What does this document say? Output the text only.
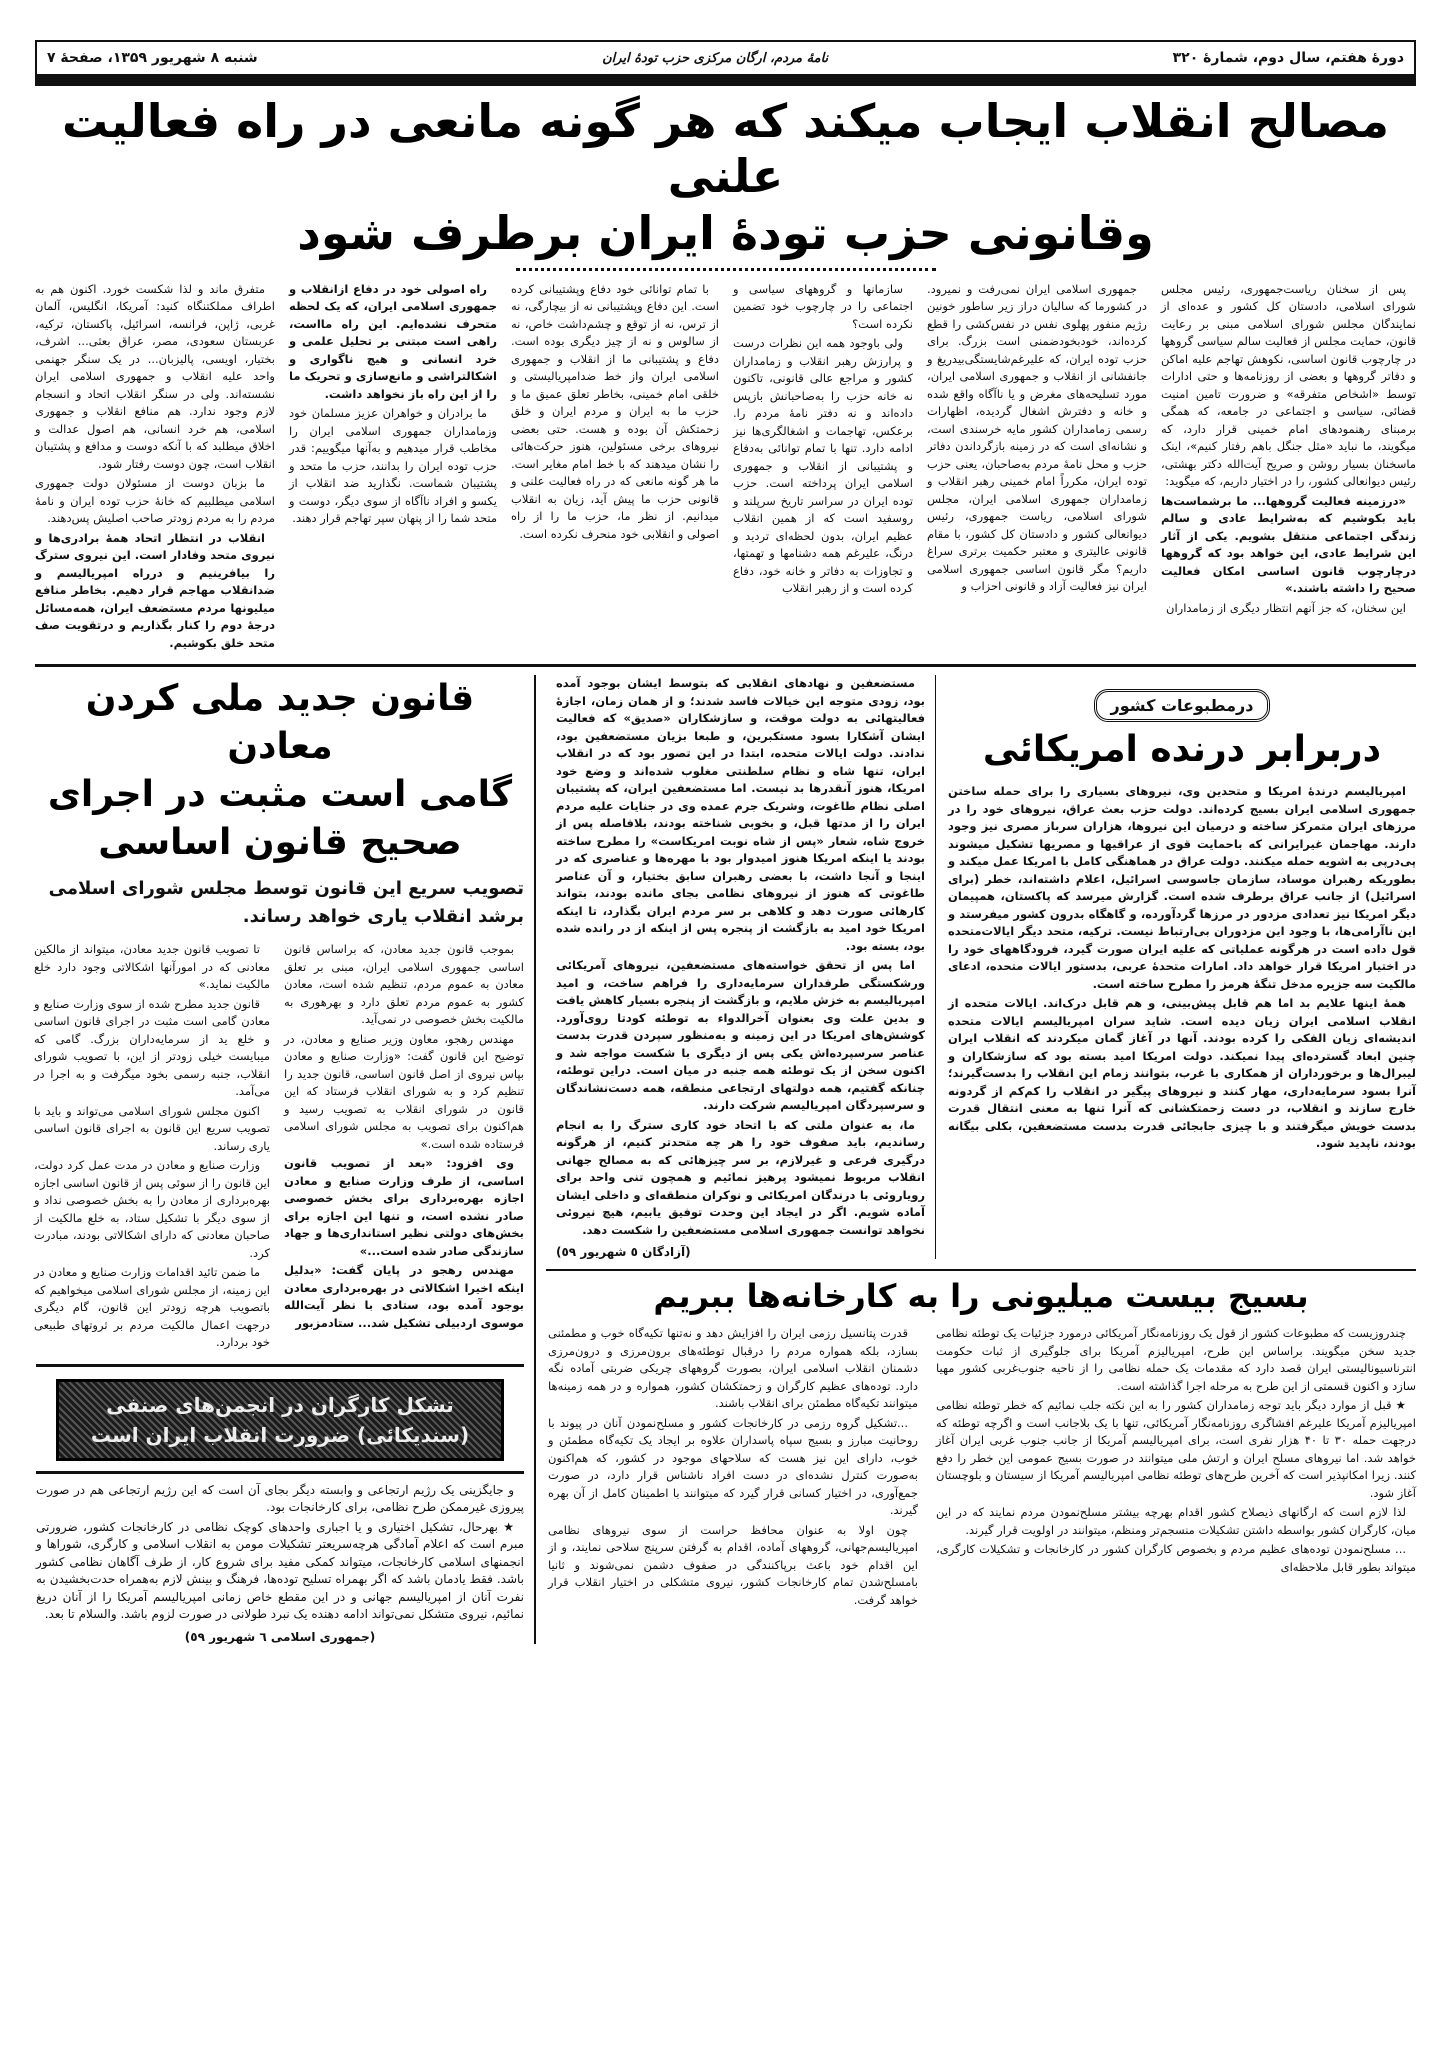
دورهٔ هفتم، سال دوم، شمارهٔ ۳۲۰
نامهٔ مردم، ارگان مرکزی حزب تودهٔ ایران
شنبه ۸ شهریور ۱۳۵۹، صفحهٔ ۷
مصالح انقلاب ایجاب میکند که هر گونه مانعی در راه فعالیت علنی
وقانونی حزب تودهٔ ایران برطرف شود

پس از سخنان ریاست‌جمهوری، رئیس مجلس شورای اسلامی، دادستان کل کشور و عده‌ای از نمایندگان مجلس شورای اسلامی مبنی بر رعایت قانون، حمایت مجلس از فعالیت سالم سیاسی گروهها در چارچوب قانون اساسی، نکوهش تهاجم علیه اماکن و دفاتر گروهها و بعضی از روزنامه‌ها و حتی ادارات توسط «اشخاص متفرقه» و ضرورت تامین امنیت قضائی، سیاسی و اجتماعی در جامعه، که همگی برمبنای رهنمودهای امام خمینی قرار دارد، که میگویند، ما نباید «مثل جنگل باهم رفتار کنیم»، اینک ماسخنان بسیار روشن و صریح آیت‌الله دکتر بهشتی، رئیس دیوانعالی کشور، را در اختیار داریم، که میگوید:

«درزمینه فعالیت گروهها... ما برشماست‌ها باید بکوشیم که به‌شرایط عادی و سالم زندگی اجتماعی منتقل بشویم. یکی از آثار این شرایط عادی، این خواهد بود که گروهها درچارچوب قانون اساسی امکان فعالیت صحیح را داشته باشند.»

این سخنان، که جز آنهم انتظار دیگری از زمامداران

جمهوری اسلامی ایران نمی‌رفت و نمیرود. در کشورما که سالیان دراز زیر ساطور خونین رژیم منفور پهلوی نفس در نفس‌کشی را قطع کرده‌اند، خودبخودضمنی است بزرگ. برای حزب توده ایران، که علیرغم‌شایستگی‌بیدریغ و جانفشانی از انقلاب و جمهوری اسلامی ایران، مورد تسلیحه‌های مغرض و یا ناآگاه واقع شده و خانه و دفترش اشغال گردیده، اظهارات رسمی زمامداران کشور مایه خرسندی است، و نشانه‌ای است که در زمینه بازگرداندن دفاتر حزب و محل نامهٔ مردم به‌صاحبان، یعنی حزب توده ایران، مکرراً امام خمینی رهبر انقلاب و زمامداران جمهوری اسلامی ایران، مجلس شورای اسلامی، ریاست جمهوری، رئیس دیوانعالی کشور و دادستان کل کشور، با مقام قانونی عالیتری و معتبر حکمیت برتری سراغ داریم؟ مگر قانون اساسی جمهوری اسلامی ایران نیز فعالیت آزاد و قانونی احزاب و

سازمانها و گروههای سیاسی و اجتماعی را در چارچوب خود تضمین نکرده است؟

ولی باوجود همه این نظرات درست و پرارزش رهبر انقلاب و زمامداران کشور و مراجع عالی قانونی، تاکنون نه خانه حزب را به‌صاحبانش بازپس داده‌اند و نه دفتر نامهٔ مردم را. برعکس، تهاجمات و اشغالگری‌ها نیز ادامه دارد. تنها با تمام توانائی به‌دفاع و پشتیبانی از انقلاب و جمهوری اسلامی ایران پرداخته است. حزب توده ایران در سراسر تاریخ سرپلند و روسفید است که از همین انقلاب عظیم ایران، بدون لحظه‌ای تردید و درنگ، علیرغم همه دشنامها و تهمتها، و تجاوزات به دفاتر و خانه خود، دفاع کرده است و از رهبر انقلاب

با تمام توانائی خود دفاع وپشتیبانی کرده است. این دفاع وپشتیبانی نه از بیچارگی، نه از ترس، نه از توقع و چشم‌داشت خاص، نه از سالوس و نه از چیز دیگری بوده است. دفاع و پشتیبانی ما از انقلاب و جمهوری اسلامی ایران واز خط ضدامپریالیستی و خلقی امام خمینی، بخاطر تعلق عمیق ما و حزب ما به ایران و مردم ایران و خلق زحمتکش آن بوده و هست. حتی بعضی نیروهای برخی مسئولین، هنوز حرکت‌هائی را نشان میدهند که با خط امام مغایر است. ما هر گونه مانعی که در راه فعالیت علنی و قانونی حزب ما پیش آید، زیان به انقلاب میدانیم. از نظر ما، حزب ما را از راه اصولی و انقلابی خود منحرف نکرده است.

راه اصولی خود در دفاع ازانقلاب و جمهوری اسلامی ایران، که یک لحظه متحرف نشده‌ایم. این راه مااست، راهی است مبتنی بر تحلیل علمی و خرد انسانی و هیچ ناگواری و اشکالتراشی و مانع‌سازی و تحریک ما را از این راه باز نخواهد داشت.

ما برادران و خواهران عزیز مسلمان خود وزمامداران جمهوری اسلامی ایران را مخاطب قرار میدهیم و به‌آنها میگوییم: قدر حزب توده ایران را بدانند، حزب ما متحد و پشتیبان شماست. نگذارید ضد انقلاب از یکسو و افراد ناآگاه از سوی دیگر، دوست و متحد شما را از پنهان سپر تهاجم قرار دهند.

متفرق ماند و لذا شکست خورد. اکنون هم به اطراف مملکتنگاه کنید: آمریکا، انگلیس، آلمان غربی، ژاپن، فرانسه، اسرائیل، پاکستان، ترکیه، عربستان سعودی، مصر، عراق بعثی... اشرف، بختیار، اویسی، پالیزبان... در یک سنگر جهنمی واحد علیه انقلاب و جمهوری اسلامی ایران نشسته‌اند. ولی در سنگر انقلاب اتحاد و انسجام لازم وجود ندارد. هم منافع انقلاب و جمهوری اسلامی، هم خرد انسانی، هم اصول عدالت و اخلاق میطلبد که با آنکه دوست و مدافع و پشتیبان انقلاب است، چون دوست رفتار شود.

ما بزبان دوست از مسئولان دولت جمهوری اسلامی میطلبیم که خانهٔ حزب توده ایران و نامهٔ مردم را به مردم زودتر صاحب اصلیش پس‌دهند.

انقلاب در انتظار اتحاد همهٔ برادری‌ها و نیروی متحد وفادار است. این نیروی سترگ را بیافرینیم و درراه امپریالیسم و ضدانقلاب مهاجم قرار دهیم. بخاطر منافع میلیونها مردم مستضعف ایران، همه‌مسائل درجهٔ دوم را کنار بگذاریم و درتقویت صف متحد خلق بکوشیم.

درمطبوعات کشور
دربرابر درنده امریکائی

امپریالیسم درندهٔ امریکا و متحدین وی، نیروهای بسیاری را برای حمله ساختن جمهوری اسلامی ایران بسیج کرده‌اند. دولت حزب بعث عراق، نیروهای خود را در مرزهای ایران متمرکز ساخته و درمیان این نیروها، هزاران سرباز مصری نیز وجود دارند. مهاجمان غیرایرانی که باحمایت قوی از عراقیها و مصریها تشکیل میشوند پی‌درپی به اشویه حمله میکنند. دولت عراق در هماهنگی کامل با امریکا عمل میکند و بطوریکه رهبران موساد، سازمان جاسوسی اسرائیل، اعلام داشته‌اند، خطر (برای اسرائیل) از جانب عراق برطرف شده است. گزارش میرسد که پاکستان، همپیمان دیگر امریکا نیز تعدادی مزدور در مرزها گردآورده، و گاهگاه بدرون کشور میفرستد و این ناآرامی‌ها، با وجود این مزدوران بی‌ارتباط نیست. ترکیه، متحد دیگر ایالات‌متحده قول داده است در هرگونه عملیاتی که علیه ایران صورت گیرد، فرودگاههای خود را در اختیار امریکا قرار خواهد داد. امارات متحدهٔ عربی، بدستور ایالات متحده، ادعای مالکیت سه جزیره مدخل تنگهٔ هرمز را مطرح ساخته است.

همهٔ اینها علایم بد اما هم قابل پیش‌بینی، و هم قابل درک‌اند. ایالات متحده از انقلاب اسلامی ایران زیان دیده است. شاید سران امپریالیسم ایالات متحده اندیشه‌ای زیان الفکی را کرده بودند. آنها در آغاز گمان میکردند که انقلاب ایران چنین ابعاد گسترده‌ای پیدا نمیکند. دولت امریکا امید بسته بود که سازشکاران و لیبرال‌ها و برخورداران از همکاری با غرب، بتوانند زمام این انقلاب را بدست‌گیرند؛ آنرا بسود سرمایه‌داری، مهار کنند و نیروهای پیگیر در انقلاب را کم‌کم از گردونه خارج سازند و انقلاب، در دست زحمتکشانی که آنرا تنها به معنی انتقال قدرت بدست خویش میگرفتند و با چیزی جابجائی قدرت بدست مستضعفین، بکلی بیگانه بودند، ناپدید شود.

مستضعفین و نهادهای انقلابی که بتوسط ایشان بوجود آمده بود، زودی متوجه این خیالات فاسد شدند؛ و از همان زمان، اجازهٔ فعالیتهائی به دولت موقت، و سازشکاران «صدیق» که فعالیت ایشان آشکارا بسود مستکبرین، و طبعا بزیان مستضعفین بود، ندادند. دولت ایالات متحده، ابتدا در این تصور بود که در انقلاب ایران، تنها شاه و نظام سلطنتی مغلوب شده‌اند و وضع خود امریکا، هنوز آنقدرها بد نیست. اما مستضعفین ایران، که پشتیبان اصلی نظام طاغوت، وشریک جرم عمده وی در جنایات علیه مردم ایران را از مدتها قبل، و بخوبی شناخته بودند، بلافاصله پس از خروج شاه، شعار «پس از شاه نوبت امریکاست» را مطرح ساخته بودند یا اینکه امریکا هنوز امیدوار بود با مهره‌ها و عناصری که در اینجا و آنجا داشت، با بعضی رهبران سابق بختیار، و آن عناصر طاغوتی که هنوز از نیروهای نظامی بجای مانده بودند، بتواند کارهائی صورت دهد و کلاهی بر سر مردم ایران بگذارد، تا اینکه امریکا خود امید به بازگشت از پنجره پس از اینکه از در رانده شده بود، بسته بود.

اما پس از تحقق خواسته‌های مستضعفین، نیروهای آمریکائی ورشکستگی طرفداران سرمایه‌داری را فراهم ساخت، و امید امپریالیسم به خزش ملایم، و بازگشت از پنجره بسیار کاهش یافت و بدین علت وی بعنوان آخرالدواء به توطئه کودتا روی‌آورد. کوشش‌های امریکا در این زمینه و به‌منظور سپردن قدرت بدست عناصر سرسپرده‌اش یکی پس از دیگری با شکست مواجه شد و اکنون سخن از یک توطئه همه جنبه در میان است. دراین توطئه، چنانکه گفتیم، همه دولتهای ارتجاعی منطقه، همه دست‌نشاندگان و سرسپردگان امپریالیسم شرکت دارند.

ما، به عنوان ملتی که با اتحاد خود کاری سترگ را به انجام رساندیم، باید صفوف خود را هر چه متحدتر کنیم، از هرگونه درگیری فرعی و غیرلازم، بر سر چیزهائی که به مصالح جهانی انقلاب مربوط نمیشود پرهیز نمائیم و همچون تنی واحد برای رویاروئی با درندگان امریکائی و نوکران منطقه‌ای و داخلی ایشان آماده شویم. اگر در ایجاد این وحدت توفیق یابیم، هیچ نیروئی نخواهد توانست جمهوری اسلامی مستضعفین را شکست دهد.

(آزادگان ٥ شهریور ٥٩)
بسیج بیست میلیونی را به کارخانه‌ها ببریم

چندروزیست که مطبوعات کشور از قول یک روزنامه‌نگار آمریکائی درمورد جزئیات یک توطئه نظامی جدید سخن میگویند. براساس این طرح، امپریالیزم آمریکا برای جلوگیری از ثبات حکومت انترناسیونالیستی ایران قصد دارد که مقدمات یک حمله نظامی را از ناحیه جنوب‌غربی کشور مهیا سازد و اکنون قسمتی از این طرح به مرحله اجرا گذاشته است.

★ قبل از موارد دیگر باید توجه زمامداران کشور را به این نکته جلب نمائیم که خطر توطئه نظامی امپریالیزم آمریکا علیرغم افشاگری روزنامه‌نگار آمریکائی، تنها با یک بلاجانب است و اگرچه توطئه که درجهت حمله ۳۰ تا ۴۰ هزار نفری است، برای امپریالیسم آمریکا از جانب جنوب غربی ایران آغاز خواهد شد. اما نیروهای مسلح ایران و ارتش ملی میتوانند در صورت بسیج عمومی این خطر را دفع کنند. زیرا امکانپذیر است که آخرین طرح‌های توطئه نظامی امپریالیسم آمریکا از سیستان و بلوچستان آغاز شود.

لذا لازم است که ارگانهای ذیصلاح کشور اقدام بهرچه بیشتر مسلح‌نمودن مردم نمایند که در این میان، کارگران کشور بواسطه داشتن تشکیلات منسجم‌تر ومنظم، میتوانند در اولویت قرار گیرند.

... مسلح‌نمودن توده‌های عظیم مردم و بخصوص کارگران کشور در کارخانجات و تشکیلات کارگری، میتواند بطور قابل ملاحظه‌ای

قدرت پتانسیل رزمی ایران را افزایش دهد و نه‌تنها تکیه‌گاه خوب و مطمئنی بسازد، بلکه همواره مردم را درقبال توطئه‌های برون‌مرزی و درون‌مرزی دشمنان انقلاب اسلامی ایران، بصورت گروههای چریکی ضربتی آماده نگه دارد. توده‌های عظیم کارگران و زحمتکشان کشور، همواره و در همه زمینه‌ها میتوانند تکیه‌گاه مطمئن برای انقلاب باشند.

...تشکیل گروه رزمی در کارخانجات کشور و مسلح‌نمودن آنان در پیوند با روحانیت مبارز و بسیج سپاه پاسداران علاوه بر ایجاد یک تکیه‌گاه مطمئن و خوب، دارای این نیز هست که سلاحهای موجود در کشور، که هم‌اکنون به‌صورت کنترل نشده‌ای در دست افراد ناشناس قرار دارد، در صورت جمع‌آوری، در اختیار کسانی قرار گیرد که میتوانند با اطمینان کامل از آن بهره گیرند.

چون اولا به عنوان محافظ حراست از سوی نیروهای نظامی امپریالیسم‌جهانی، گروههای آماده، اقدام به گرفتن سرپنج سلاحی نمایند، و از این اقدام خود باعث برپاکنندگی در صفوف دشمن نمی‌شوند و ثانیا بامسلح‌شدن تمام کارخانجات کشور، نیروی متشکلی در اختیار انقلاب قرار خواهد گرفت.

قانون جدید ملی کردن معادن
گامی است مثبت در اجرای
صحیح قانون اساسی
تصویب سریع این قانون توسط مجلس شورای اسلامی برشد انقلاب یاری خواهد رساند.

بموجب قانون جدید معادن، که براساس قانون اساسی جمهوری اسلامی ایران، مبنی بر تعلق معادن به عموم مردم، تنظیم شده است، معادن کشور به عموم مردم تعلق دارد و بهرهوری به مالکیت بخش خصوصی در نمی‌آید.

مهندس رهجو، معاون وزیر صنایع و معادن، در توضیح این قانون گفت: «وزارت صنایع و معادن بپاس نیروی از اصل قانون اساسی، قانون جدید را تنظیم کرد و به شورای انقلاب فرستاد که این قانون در شورای انقلاب به تصویب رسید و هم‌اکنون برای تصویب به مجلس شورای اسلامی فرستاده شده است.»

وی افزود: «بعد از تصویب قانون اساسی، از طرف وزارت صنایع و معادن اجازه بهره‌برداری برای بخش خصوصی صادر نشده است، و تنها این اجازه برای بخش‌های دولتی نظیر استانداری‌ها و جهاد سازندگی صادر شده است...»

مهندس رهجو در پایان گفت: «بدلیل اینکه اخیرا اشکالاتی در بهره‌برداری معادن بوجود آمده بود، ستادی با نظر آیت‌الله موسوی اردبیلی تشکیل شد... ستادمزبور

تا تصویب قانون جدید معادن، میتواند از مالکین معادنی که در امورآنها اشکالاتی وجود دارد خلع مالکیت نماید.»

قانون جدید مطرح شده از سوی وزارت صنایع و معادن گامی است مثبت در اجرای قانون اساسی و خلع ید از سرمایه‌داران بزرگ. گامی که میبایست خیلی زودتر از این، با تصویب شورای انقلاب، جنبه رسمی بخود میگرفت و به اجرا در می‌آمد.

اکنون مجلس شورای اسلامی می‌تواند و باید با تصویب سریع این قانون به اجرای قانون اساسی یاری رساند.

وزارت صنایع و معادن در مدت عمل کرد دولت، این قانون را از سوئی پس از قانون اساسی اجازه بهره‌برداری از معادن را به بخش خصوصی نداد و از سوی دیگر با تشکیل ستاد، به خلع مالکیت از صاحبان معادنی که دارای اشکالاتی بودند، مبادرت کرد.

ما ضمن تائید اقدامات وزارت صنایع و معادن در این زمینه، از مجلس شورای اسلامی میخواهیم که باتصویب هرچه زودتر این قانون، گام دیگری درجهت اعمال مالکیت مردم بر ثروتهای طبیعی خود بردارد.

تشکل کارگران در انجمن‌های صنفی (سندیکائی) ضرورت انقلاب ایران است

و جایگزینی یک رژیم ارتجاعی و وابسته دیگر بجای آن است که این رژیم ارتجاعی هم در صورت پیروزی غیرممکن طرح نظامی، برای کارخانجات بود.

★ بهرحال، تشکیل اختیاری و یا اجباری واحدهای کوچک نظامی در کارخانجات کشور، ضرورتی مبرم است که اعلام آمادگی هرچه‌سریعتر تشکیلات مومن به انقلاب اسلامی و کارگری، شوراها و انجمنهای اسلامی کارخانجات، میتواند کمکی مفید برای شروع کار، از طرف آگاهان نظامی کشور باشد. فقط یادمان باشد که اگر بهمراه تسلیح توده‌ها، فرهنگ و بینش لازم به‌همراه حدت‌بخشیدن به نفرت آنان از امپریالیسم جهانی و در این مقطع خاص زمانی امپریالیسم آمریکا را از آنان دریغ نمائیم، نیروی متشکل نمی‌تواند ادامه دهنده یک نبرد طولانی در صورت لزوم باشد. والسلام تا بعد.

(جمهوری اسلامی ٦ شهریور ٥٩)
